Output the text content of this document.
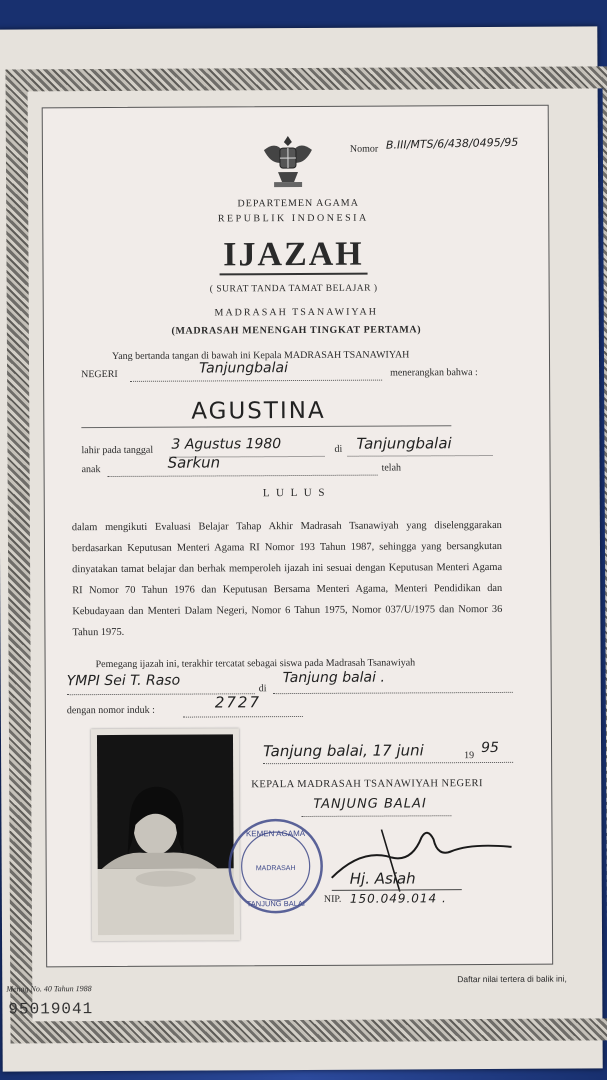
Nomor B.III/MTS/6/438/0495/95
DEPARTEMEN AGAMA
REPUBLIK INDONESIA
IJAZAH
( SURAT TANDA TAMAT BELAJAR )
MADRASAH TSANAWIYAH
(MADRASAH MENENGAH TINGKAT PERTAMA)
Yang bertanda tangan di bawah ini Kepala MADRASAH TSANAWIYAH
NEGERI	Tanjungbalai	menerangkan bahwa :
AGUSTINA
lahir pada tanggal 3 Agustus 1980	di Tanjungbalai
anak	Sarkun	telah
L U L U S
dalam mengikuti Evaluasi Belajar Tahap Akhir Madrasah Tsanawiyah yang diselenggarakan berdasarkan Keputusan Menteri Agama RI Nomor 193 Tahun 1987, sehingga yang bersangkutan dinyatakan tamat belajar dan berhak memperoleh ijazah ini sesuai dengan Keputusan Menteri Agama RI Nomor 70 Tahun 1976 dan Keputusan Bersama Menteri Agama, Menteri Pendidikan dan Kebudayaan dan Menteri Dalam Negeri, Nomor 6 Tahun 1975, Nomor 037/U/1975 dan Nomor 36 Tahun 1975.
Pemegang ijazah ini, terakhir tercatat sebagai siswa pada Madrasah Tsanawiyah
YMPI Sei T. Raso	di
Tanjung balai .
dengan nomor induk :	2727
Tanjung balai, 17 juni	19 95
KEPALA MADRASAH TSANAWIYAH NEGERI
TANJUNG BALAI
KEMEN AGAMA
MADRASAH
TANJUNG BALAI
Hj. Asiah
NIP. 150.049.014 .
Menag No. 40 Tahun 1988
Daftar nilai tertera di balik ini,
95019041
